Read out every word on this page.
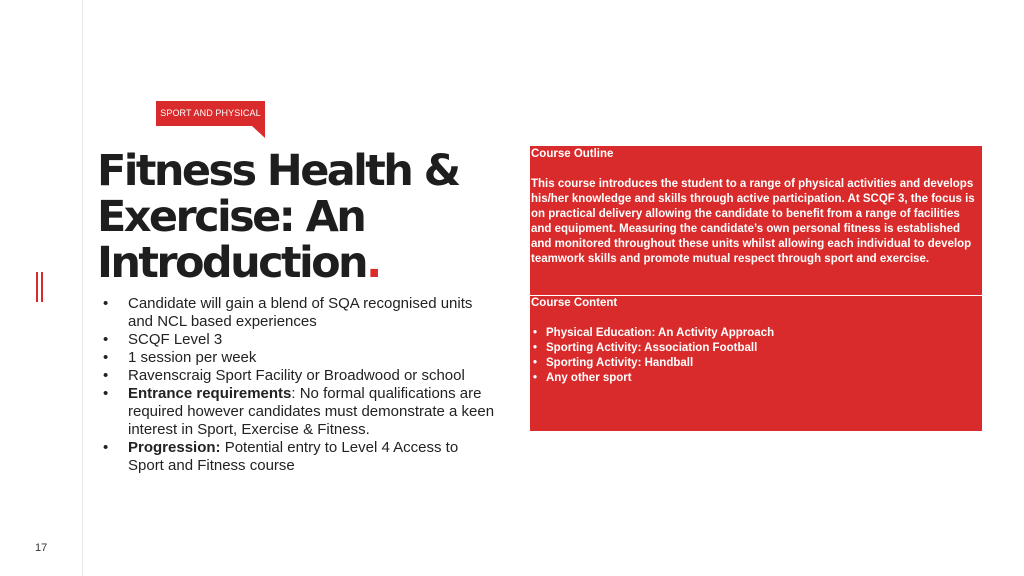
17
SPORT AND PHYSICAL
Fitness Health &
Exercise: An
Introduction.
• Candidate will gain a blend of SQA recognised units and NCL based experiences
• SCQF Level 3
• 1 session per week
• Ravenscraig Sport Facility or Broadwood or school
• Entrance requirements: No formal qualifications are required however candidates must demonstrate a keen interest in Sport, Exercise & Fitness.
• Progression: Potential entry to Level 4 Access to Sport and Fitness course
Course Outline
This course introduces the student to a range of physical activities and develops his/her knowledge and skills through active participation. At SCQF 3, the focus is on practical delivery allowing the candidate to benefit from a range of facilities and equipment. Measuring the candidate’s own personal fitness is established and monitored throughout these units whilst allowing each individual to develop teamwork skills and promote mutual respect through sport and exercise.
Course Content
• Physical Education: An Activity Approach
• Sporting Activity: Association Football
• Sporting Activity: Handball
• Any other sport
